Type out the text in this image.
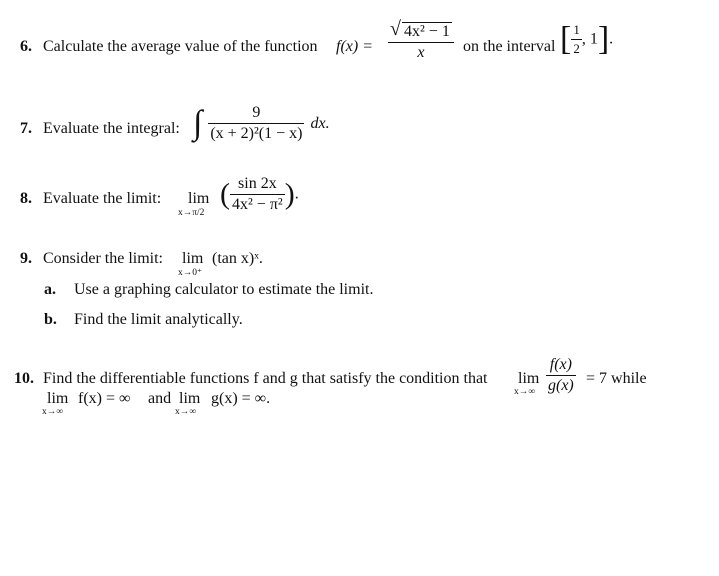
6. Calculate the average value of the function $f(x) = \frac{\text{√ 4x² − 1}}{x}$ on the interval [ $\frac{1}{2}$ , 1].
7. Evaluate the integral: ∫ $\frac{9}{\text{(x + 2)²(1 − x)}}$ dx.
8. Evaluate the limit: lim
x→π/2
( $\frac{\sin 2x}{\text{4x² − π²}}$ ).
9. Consider the limit: lim
x→0⁺
(tan x)ˣ.
a. Use a graphing calculator to estimate the limit.
b. Find the limit analytically.
10. Find the differentiable functions f and g that satisfy the condition that lim
$x\to\infty \frac{f(x)}{g(x)} = 7$ while
lim
x→∞
f(x) = ∞ and lim
x→∞
g(x) = ∞.
